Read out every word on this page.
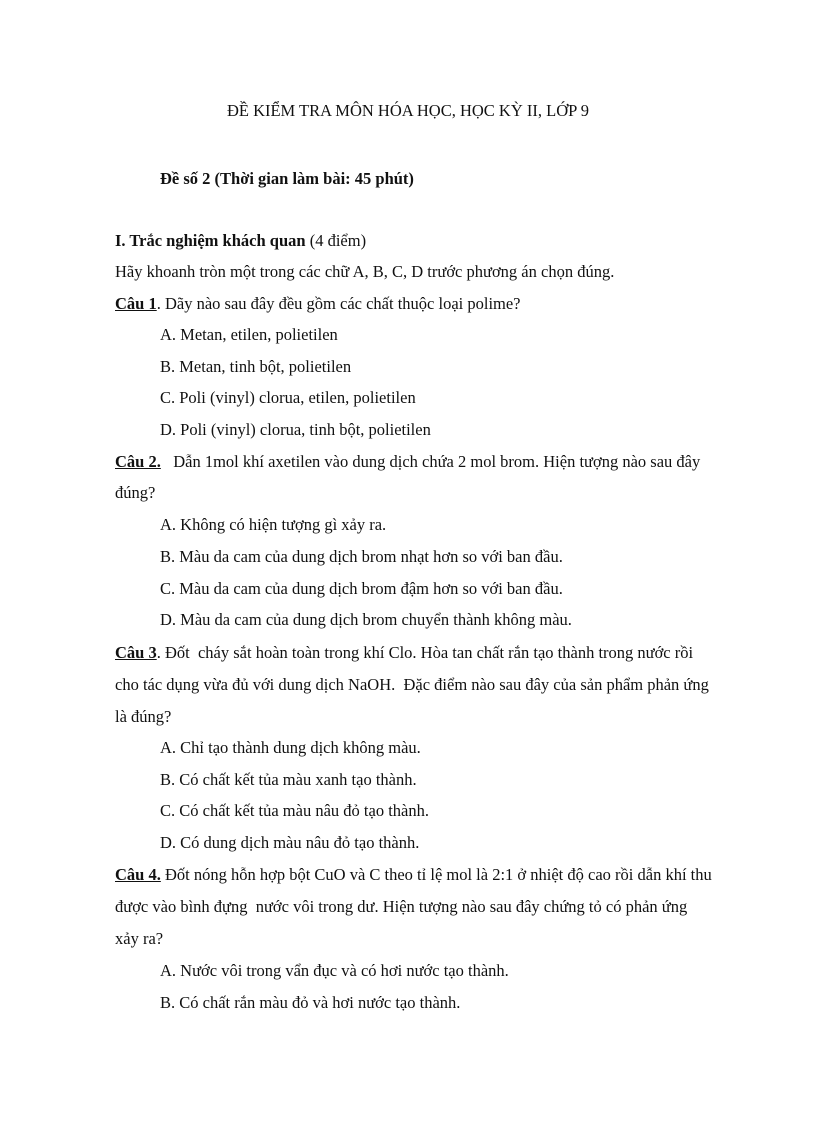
ĐỀ KIỂM TRA MÔN HÓA HỌC, HỌC KỲ II, LỚP 9
Đề số 2 (Thời gian làm bài: 45 phút)
I. Trắc nghiệm khách quan (4 điểm)
Hãy khoanh tròn một trong các chữ A, B, C, D trước phương án chọn đúng.
Câu 1. Dãy nào sau đây đều gồm các chất thuộc loại polime?
A. Metan, etilen, polietilen
B. Metan, tinh bột, polietilen
C. Poli (vinyl) clorua, etilen, polietilen
D. Poli (vinyl) clorua, tinh bột, polietilen
Câu 2.   Dẫn 1mol khí axetilen vào dung dịch chứa 2 mol brom. Hiện tượng nào sau đây
đúng?
A. Không có hiện tượng gì xảy ra.
B. Màu da cam của dung dịch brom nhạt hơn so với ban đầu.
C. Màu da cam của dung dịch brom đậm hơn so với ban đầu.
D. Màu da cam của dung dịch brom chuyển thành không màu.
Câu 3. Đốt  cháy sắt hoàn toàn trong khí Clo. Hòa tan chất rắn tạo thành trong nước rồi
cho tác dụng vừa đủ với dung dịch NaOH.  Đặc điểm nào sau đây của sản phẩm phản ứng
là đúng?
A. Chỉ tạo thành dung dịch không màu.
B. Có chất kết tủa màu xanh tạo thành.
C. Có chất kết tủa màu nâu đỏ tạo thành.
D. Có dung dịch màu nâu đỏ tạo thành.
Câu 4. Đốt nóng hỗn hợp bột CuO và C theo tỉ lệ mol là 2:1 ở nhiệt độ cao rồi dẫn khí thu
được vào bình đựng  nước vôi trong dư. Hiện tượng nào sau đây chứng tỏ có phản ứng
xảy ra?
A. Nước vôi trong vẩn đục và có hơi nước tạo thành.
B. Có chất rắn màu đỏ và hơi nước tạo thành.
